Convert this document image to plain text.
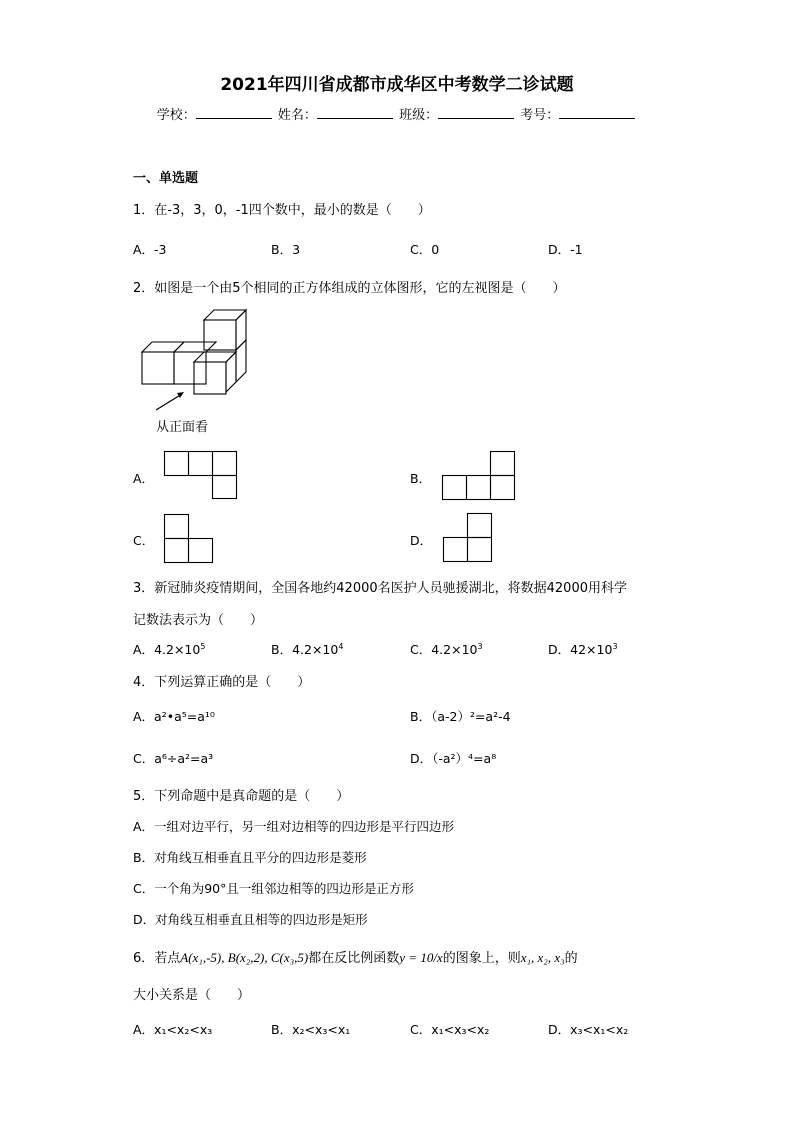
2021年四川省成都市成华区中考数学二诊试题
学校：	姓名：	班级：	考号：
一、单选题
1．在-3，3，0，-1四个数中，最小的数是（　　）
A．-3	B．3	C．0	D．-1
2．如图是一个由5个相同的正方体组成的立体图形，它的左视图是（　　）
从正面看
A．	B．
C．	D．
3．新冠肺炎疫情期间，全国各地约42000名医护人员驰援湖北，将数据42000用科学
记数法表示为（　　）
A．$4.2\times 10^5$	B．$4.2\times 10^4$	C．$4.2\times 10^3$	D．$42\times 10^3$
4．下列运算正确的是（　　）
A．a²•a⁵=a¹⁰	B．（a-2）²=a²-4
C．a⁶÷a²=a³	D．（-a²）⁴=a⁸
5．下列命题中是真命题的是（　　）
A．一组对边平行，另一组对边相等的四边形是平行四边形
B．对角线互相垂直且平分的四边形是菱形
C．一个角为90°且一组邻边相等的四边形是正方形
D．对角线互相垂直且相等的四边形是矩形
6．若点A(x₁,-5), B(x₂,2), C(x₃,5)都在反比例函数y = 10/x的图象上，则x₁, x₂, x₃的
大小关系是（　　）
A．x₁<x₂<x₃	B．x₂<x₃<x₁	C．x₁<x₃<x₂	D．x₃<x₁<x₂
